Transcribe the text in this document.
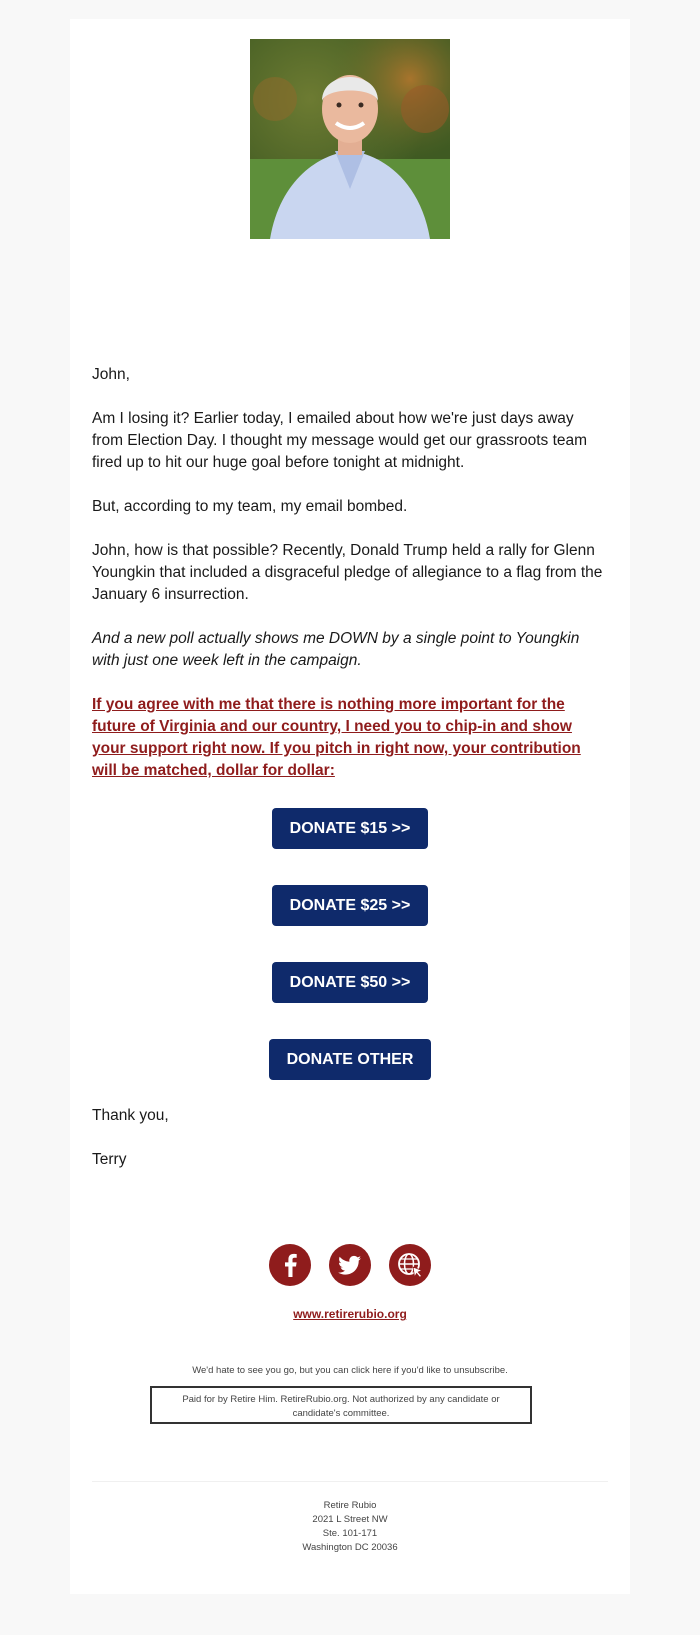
John,

Am I losing it? Earlier today, I emailed about how we're just days away from Election Day. I thought my message would get our grassroots team fired up to hit our huge goal before tonight at midnight.

But, according to my team, my email bombed.

John, how is that possible? Recently, Donald Trump held a rally for Glenn Youngkin that included a disgraceful pledge of allegiance to a flag from the January 6 insurrection.

And a new poll actually shows me DOWN by a single point to Youngkin with just one week left in the campaign.

If you agree with me that there is nothing more important for the future of Virginia and our country, I need you to chip-in and show your support right now. If you pitch in right now, your contribution will be matched, dollar for dollar:

DONATE $15 >>
DONATE $25 >>
DONATE $50 >>
DONATE OTHER

Thank you,

Terry

www.retirerubio.org
We'd hate to see you go, but you can click here if you'd like to unsubscribe.
Paid for by Retire Him. RetireRubio.org. Not authorized by any candidate or candidate's committee.
Retire Rubio
2021 L Street NW
Ste. 101-171
Washington DC 20036
